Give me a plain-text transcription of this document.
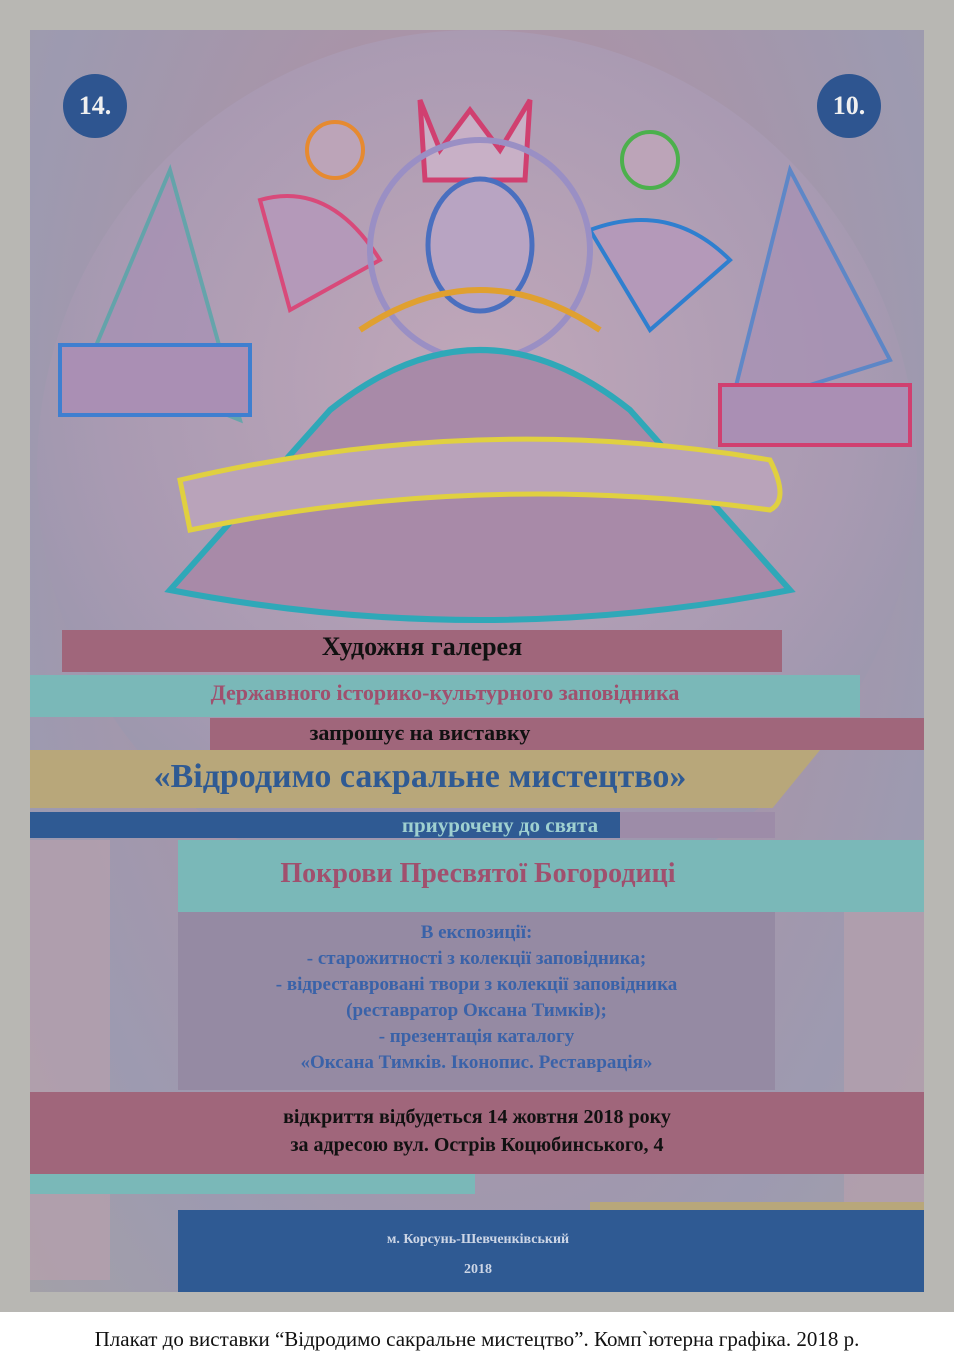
14.	10.
Художня галерея
Державного історико-культурного заповідника
запрошує на виставку
«Відродимо сакральне мистецтво»
приурочену до свята
Покрови Пресвятої Богородиці
В експозиції:
- старожитності з колекції заповідника;
- відреставровані твори з колекції заповідника
(реставратор Оксана Тимків);
- презентація каталогу
«Оксана Тимків. Іконопис. Реставрація»
відкриття відбудеться 14 жовтня 2018 року
за адресою вул. Острів Коцюбинського, 4
м. Корсунь-Шевченківський
2018
Плакат до виставки “Відродимо сакральне мистецтво”. Комп`ютерна графіка. 2018 р.
